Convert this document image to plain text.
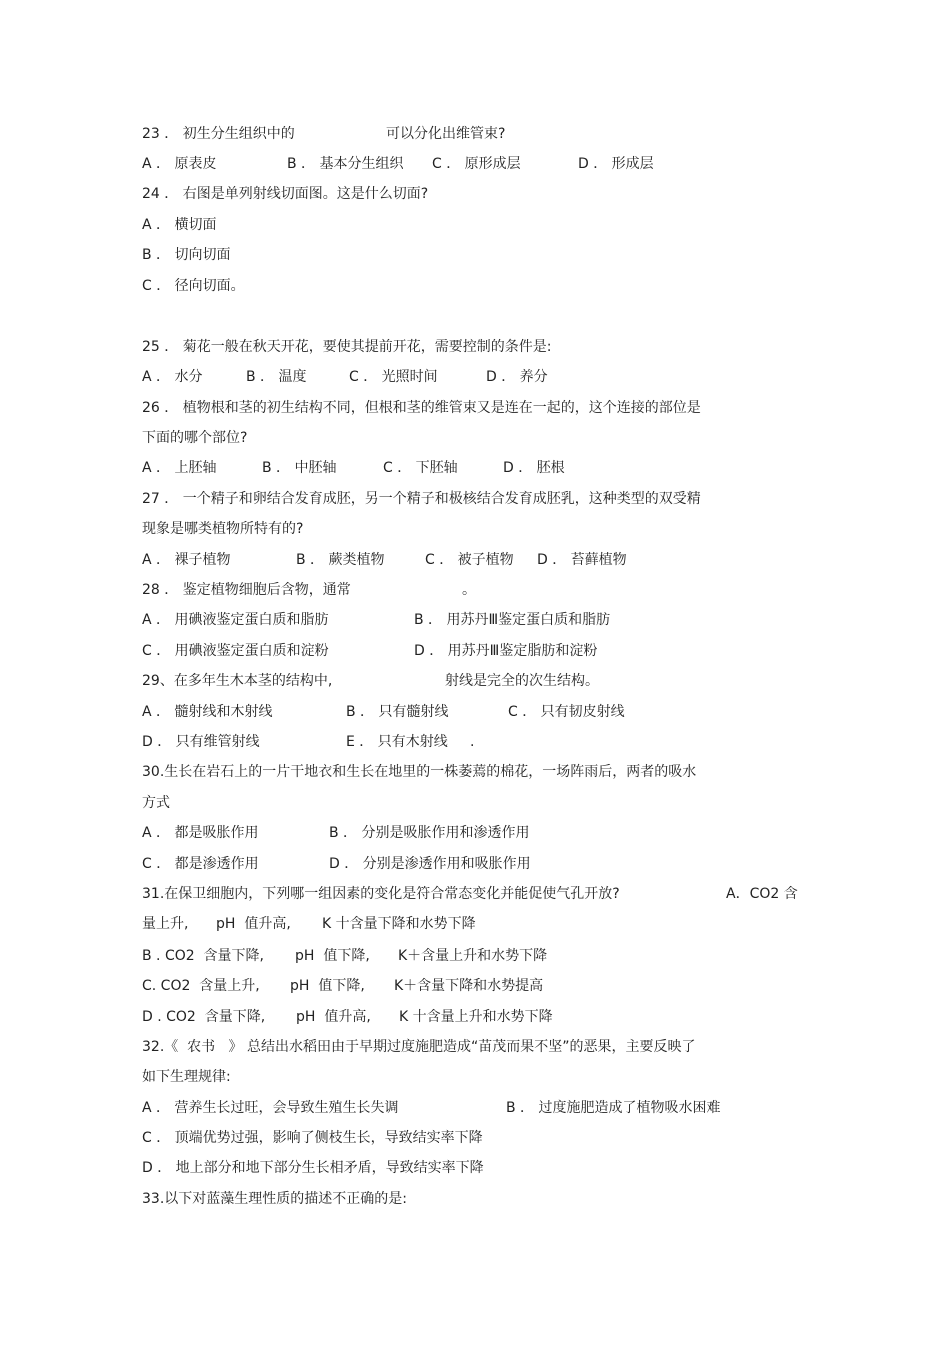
23 ． 初生分生组织中的	可以分化出维管束?
A ． 原表皮	B ． 基本分生组织 C ． 原形成层	D ． 形成层
24 ． 右图是单列射线切面图。这是什么切面?
A ． 横切面
B ． 切向切面
C ． 径向切面。
25 ． 菊花一般在秋天开花，要使其提前开花，需要控制的条件是:
A ． 水分	B ． 温度	C ． 光照时间	D ． 养分
26 ． 植物根和茎的初生结构不同，但根和茎的维管束又是连在一起的，这个连接的部位是
下面的哪个部位?
A ． 上胚轴	B ． 中胚轴	C ． 下胚轴	D ． 胚根
27 ． 一个精子和卵结合发育成胚，另一个精子和极核结合发育成胚乳，这种类型的双受精
现象是哪类植物所特有的?
A ． 裸子植物	B ． 蕨类植物	C ． 被子植物 D ． 苔藓植物
28 ． 鉴定植物细胞后含物，通常	。
A ． 用碘液鉴定蛋白质和脂肪	B ． 用苏丹Ⅲ鉴定蛋白质和脂肪
C ． 用碘液鉴定蛋白质和淀粉	D ． 用苏丹Ⅲ鉴定脂肪和淀粉
29、在多年生木本茎的结构中,	射线是完全的次生结构。
A ． 髓射线和木射线	B ． 只有髓射线	C ． 只有韧皮射线
D ． 只有维管射线	E ． 只有木射线 .
30.生长在岩石上的一片干地衣和生长在地里的一株萎蔫的棉花，一场阵雨后，两者的吸水
方式
A ． 都是吸胀作用	B ． 分别是吸胀作用和渗透作用
C ． 都是渗透作用	D ． 分别是渗透作用和吸胀作用
31.在保卫细胞内，下列哪一组因素的变化是符合常态变化并能促使气孔开放?	A．CO2 含
量上升, pH  值升高, K 十含量下降和水势下降
B . CO2  含量下降, pH  值下降, K＋含量上升和水势下降
C. CO2  含量上升, pH  值下降, K＋含量下降和水势提高
D . CO2  含量下降, pH  值升高, K 十含量上升和水势下降
32.《  农书   》 总结出水稻田由于早期过度施肥造成“苗茂而果不坚”的恶果，主要反映了
如下生理规律:
A ． 营养生长过旺，会导致生殖生长失调	B ． 过度施肥造成了植物吸水困难
C ． 顶端优势过强，影响了侧枝生长，导致结实率下降
D ． 地上部分和地下部分生长相矛盾，导致结实率下降
33.以下对蓝藻生理性质的描述不正确的是:
